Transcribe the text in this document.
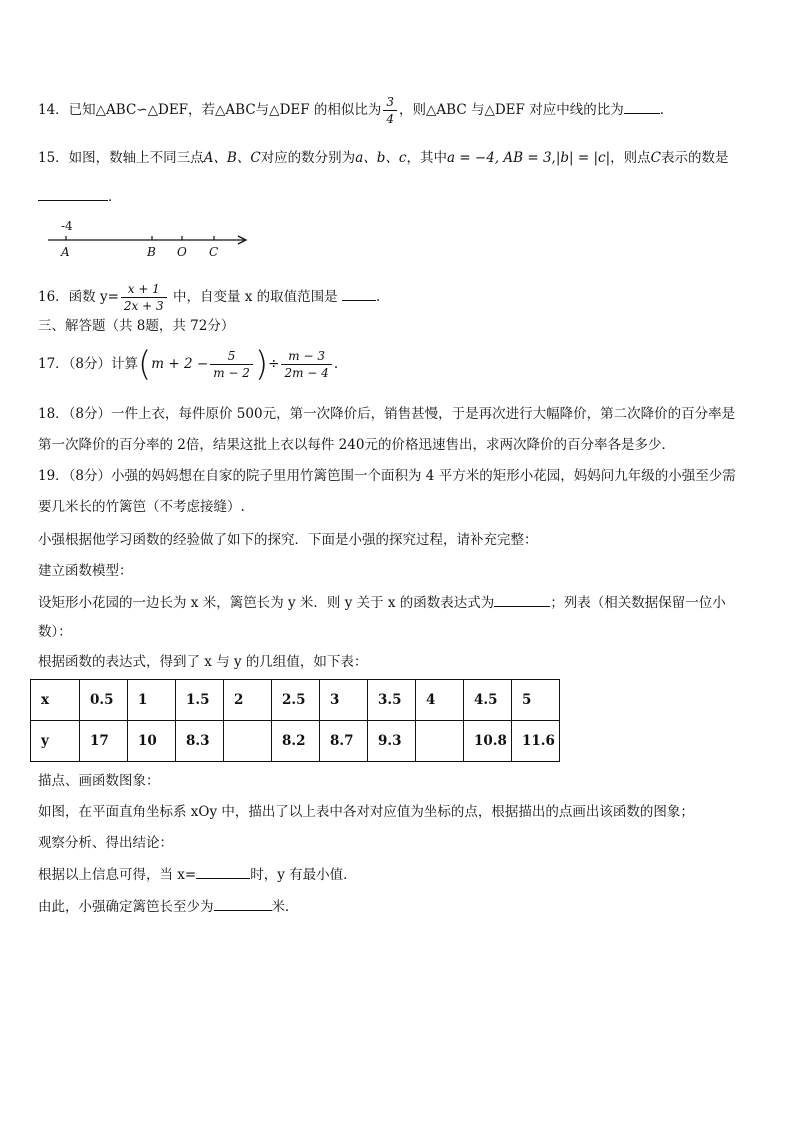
14．已知△ABC∽△DEF，若△ABC与△DEF 的相似比为 $\frac{3}{4}$ ，则△ABC 与△DEF 对应中线的比为	．
15．如图，数轴上不同三点A、B、C对应的数分别为a、b、c，其中a = −4, AB = 3,|b| = |c|，则点C表示的数是
．
-4
A	B O C
16．函数 $y= \frac{x + 1}{2x + 3}$ 中，自变量 x 的取值范围是	．
三、解答题（共 8题，共 72分）
17．（8分）计算($m + 2 - \frac{5}{m - 2}$ )÷ $\frac{m - 3}{2m - 4}$ .
18．（8分）一件上衣，每件原价 500元，第一次降价后，销售甚慢，于是再次进行大幅降价，第二次降价的百分率是
第一次降价的百分率的 2倍，结果这批上衣以每件 240元的价格迅速售出，求两次降价的百分率各是多少．
19．（8分）小强的妈妈想在自家的院子里用竹篱笆围一个面积为 4 平方米的矩形小花园，妈妈问九年级的小强至少需
要几米长的竹篱笆（不考虑接缝）.
小强根据他学习函数的经验做了如下的探究．下面是小强的探究过程，请补充完整：
建立函数模型：
设矩形小花园的一边长为 x 米，篱笆长为 y 米．则 y 关于 x 的函数表达式为	；列表（相关数据保留一位小
数）：
根据函数的表达式，得到了 x 与 y 的几组值，如下表：
x	0.5	1	1.5	2	2.5	3	3.5	4	4.5	5
y	17	10	8.3		8.2	8.7	9.3		10.8	11.6
描点、画函数图象：
如图，在平面直角坐标系 xOy 中，描出了以上表中各对对应值为坐标的点，根据描出的点画出该函数的图象；
观察分析、得出结论：
根据以上信息可得，当 x=	时，y 有最小值．
由此，小强确定篱笆长至少为	米．
